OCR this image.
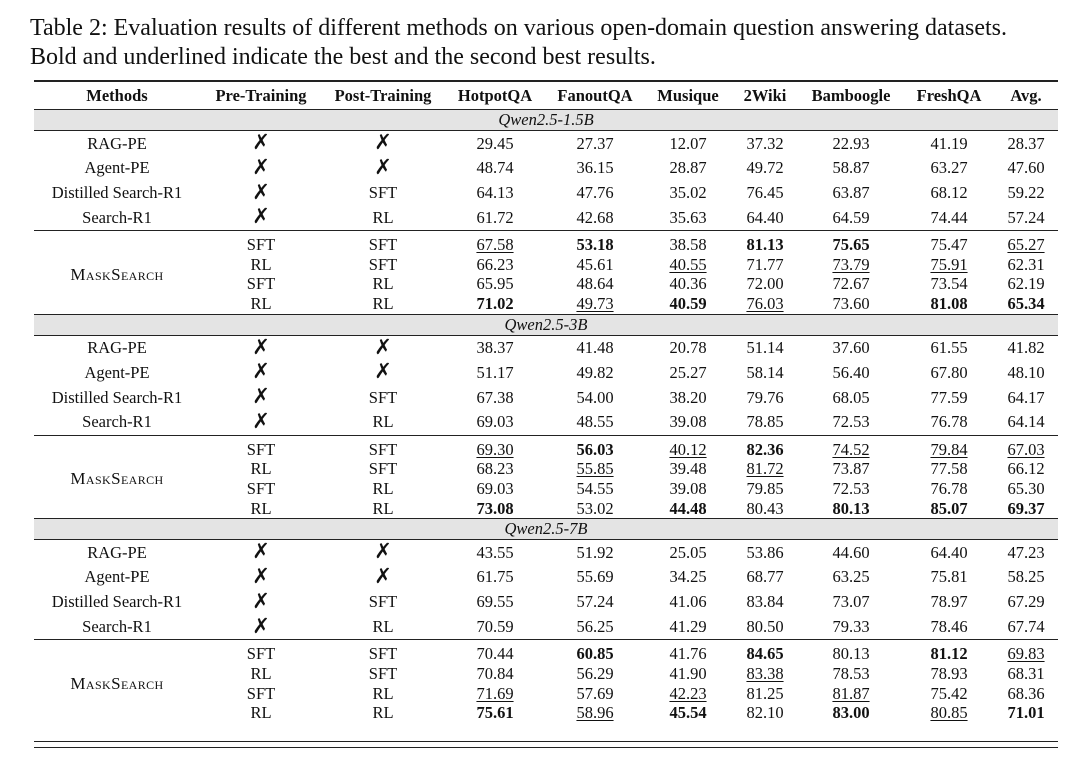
Table 2: Evaluation results of different methods on various open-domain question answering datasets.
Bold and underlined indicate the best and the second best results.
Methods	Pre-Training	Post-Training	HotpotQA	FanoutQA	Musique	2Wiki	Bamboogle	FreshQA	Avg.
Qwen2.5-1.5B									
RAG-PE	✗	✗	29.45	27.37	12.07	37.32	22.93	41.19	28.37
Agent-PE	✗	✗	48.74	36.15	28.87	49.72	58.87	63.27	47.60
Distilled Search-R1	✗	SFT	64.13	47.76	35.02	76.45	63.87	68.12	59.22
Search-R1	✗	RL	61.72	42.68	35.63	64.40	64.59	74.44	57.24
MaskSearch	SFT	SFT	67.58	53.18	38.58	81.13	75.65	75.47	65.27
	RL	SFT	66.23	45.61	40.55	71.77	73.79	75.91	62.31
	SFT	RL	65.95	48.64	40.36	72.00	72.67	73.54	62.19
	RL	RL	71.02	49.73	40.59	76.03	73.60	81.08	65.34
Qwen2.5-3B									
RAG-PE	✗	✗	38.37	41.48	20.78	51.14	37.60	61.55	41.82
Agent-PE	✗	✗	51.17	49.82	25.27	58.14	56.40	67.80	48.10
Distilled Search-R1	✗	SFT	67.38	54.00	38.20	79.76	68.05	77.59	64.17
Search-R1	✗	RL	69.03	48.55	39.08	78.85	72.53	76.78	64.14
MaskSearch	SFT	SFT	69.30	56.03	40.12	82.36	74.52	79.84	67.03
	RL	SFT	68.23	55.85	39.48	81.72	73.87	77.58	66.12
	SFT	RL	69.03	54.55	39.08	79.85	72.53	76.78	65.30
	RL	RL	73.08	53.02	44.48	80.43	80.13	85.07	69.37
Qwen2.5-7B									
RAG-PE	✗	✗	43.55	51.92	25.05	53.86	44.60	64.40	47.23
Agent-PE	✗	✗	61.75	55.69	34.25	68.77	63.25	75.81	58.25
Distilled Search-R1	✗	SFT	69.55	57.24	41.06	83.84	73.07	78.97	67.29
Search-R1	✗	RL	70.59	56.25	41.29	80.50	79.33	78.46	67.74
MaskSearch	SFT	SFT	70.44	60.85	41.76	84.65	80.13	81.12	69.83
	RL	SFT	70.84	56.29	41.90	83.38	78.53	78.93	68.31
	SFT	RL	71.69	57.69	42.23	81.25	81.87	75.42	68.36
	RL	RL	75.61	58.96	45.54	82.10	83.00	80.85	71.01
